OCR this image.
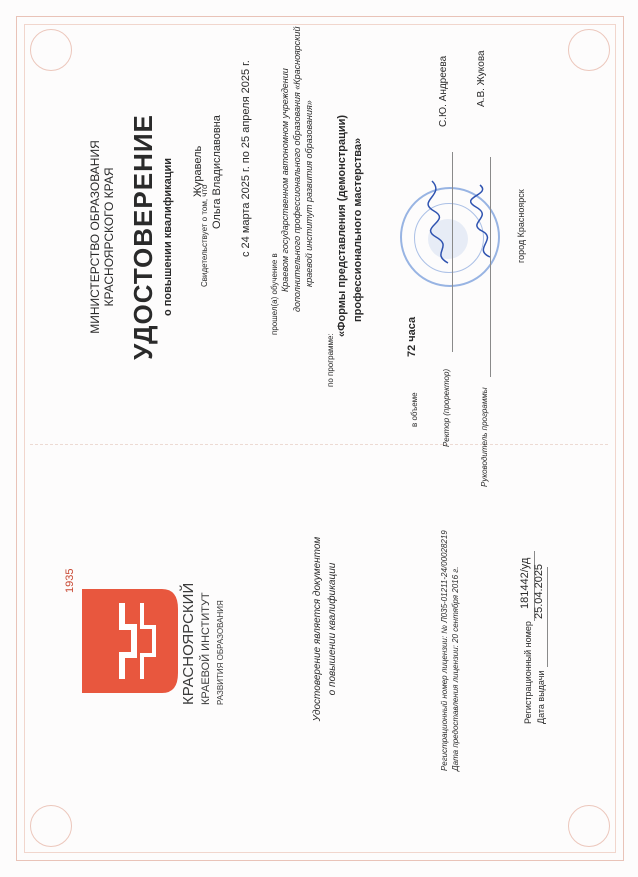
1935
КРАСНОЯРСКИЙ КРАЕВОЙ ИНСТИТУТ РАЗВИТИЯ ОБРАЗОВАНИЯ	Удостоверение является документом о повышении квалификации	Регистрационный номер лицензии: № Л035-01211-24/00028219 Дата предоставления лицензии: 20 сентября 2016 г.	Регистрационный номер
181442/уд
Дата выдачи
25.04.2025
МИНИСТЕРСТВО ОБРАЗОВАНИЯ КРАСНОЯРСКОГО КРАЯ УДОСТОВЕРЕНИЕ о повышении квалификации	Свидетельствует о том, что
Журавель Ольга Владиславовна с 24 марта 2025 г. по 25 апреля 2025 г.
прошел(а) обучение в
Краевом государственном автономном учреждении дополнительного профессионального образования «Красноярский краевой институт развития образования»
по программе:
«Формы представления (демонстрации) профессионального мастерства»
в объеме
72 часа
Ректор (проректор)
С.Ю. Андреева
Руководитель программы
А.В. Жукова
город Красноярск
